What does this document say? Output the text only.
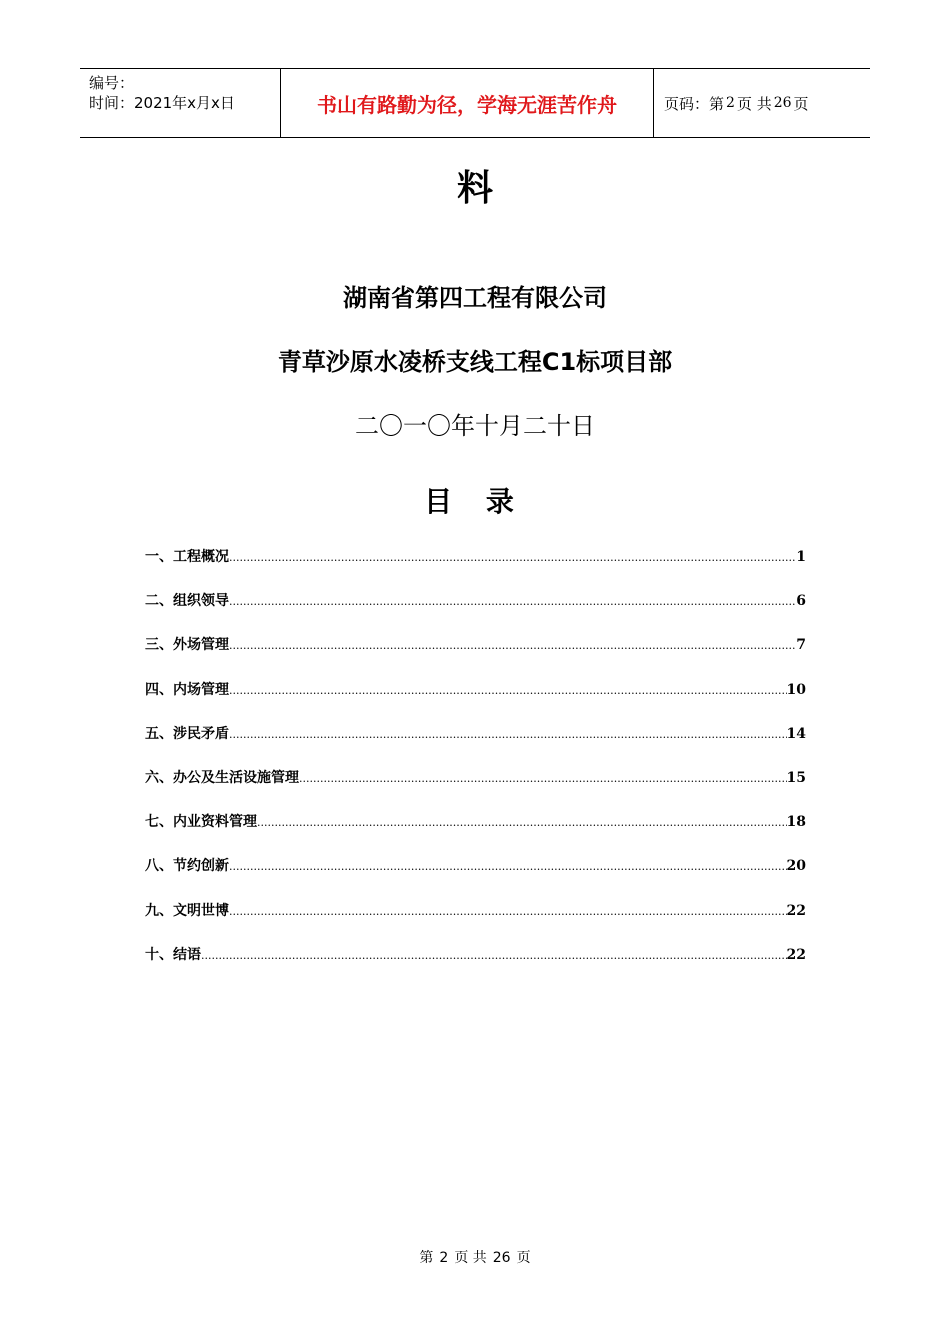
编号：
时间：2021年x月x日	书山有路勤为径，学海无涯苦作舟	页码：第 2 页 共 26 页
料
湖南省第四工程有限公司
青草沙原水凌桥支线工程C1标项目部
二〇一〇年十月二十日
目 录
一、工程概况 .....	1
二、组织领导 .....	6
三、外场管理 .....	7
四、内场管理 .....	10
五、涉民矛盾 .....	14
六、办公及生活设施管理 .....	15
七、内业资料管理 .....	18
八、节约创新 .....	20
九、文明世博 .....	22
十、结语 .....	22
第 2 页 共 26 页
